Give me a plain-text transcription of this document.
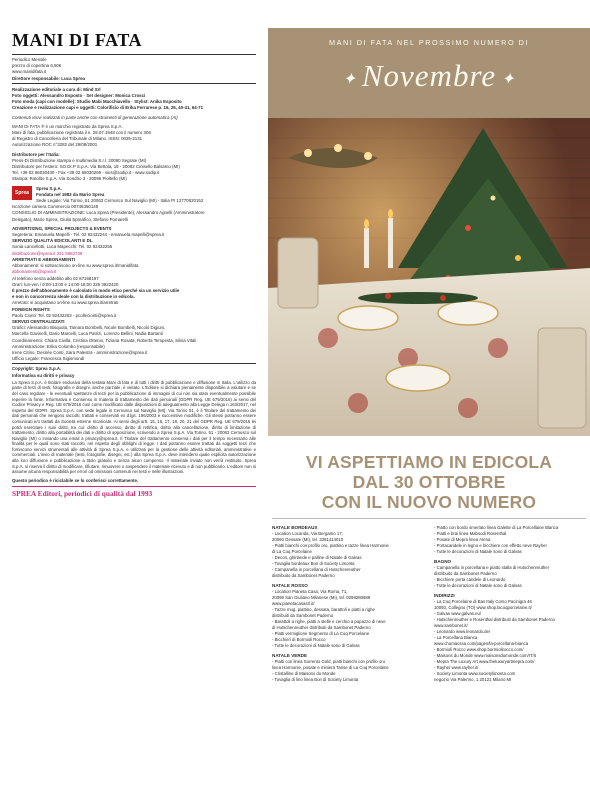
MANI DI FATA
Periodico Mensile
prezzo di copertina 6,50€
www.manidifata.it
Direttore responsabile: Luca Sprea
Realizzazione editoriale a cura di: Mind Srl
Foto oggetti: Alessandro Esposto · Set designer: Monica Crosci
Foto moda (capi con modelle): Studio Mabi Macchiavello · Stylist: Anika Esposito
Creazione e realizzazione capi e oggetti: Colorificio di Erika Ferrarese p. 16, 25, 40-41, 64-71
Contenuti visivi realizzati in parte anche con strumenti di generazione automatica (AI)
MANI DI FATA ® è un marchio registrato da Sprea S.p.A.
Mani di fata, pubblicazione registrata il n. 28.07.1948 con il numero 306
al Registro di Cancelleria del Tribunale di Milano. ISSN: 0025-2131
Autorizzazione ROC n°3282 del 29/08/2001
Distributore per l'Italia:
Press-Di Distribuzione stampa e multimedia S.r.l. 20090 Segrate (MI)
Distributore per l'estero: SO.DI.P S.p.A. Via Bettola, 18 - 20092 Cinisello Balsamo (MI)
Tel. +39 02 66030400 - Fax +39 02 66030269 - sies@sodip.it - www.sodip.it
Stampa: Rotolito S.p.A. Via Sondrio 3 - 20096 Pioltello (MI)
Sprea
Sprea S.p.A.
Fondata nel 1983 da Mario Sprea
Sede Legale: Via Torino, 51 20063 Cernusco Sul Naviglio (MI) - Italia PI 12770820152
Iscrizione camera Commercio 00746350149
CONSIGLIO DI AMMINISTRAZIONE: Luca Sprea (Presidente), Alessandro Agnelli (Amministratore
Delegato), Mario Sprea, Giulia Spreafico, Stefano Pomarelli
ADVERTISING, SPECIAL PROJECTS & EVENTS
Segreteria: Emanuela Mapelli - Tel. 02 92432244 - emanuela.mapelli@sprea.it
SERVIZIO QUALITÀ EDICOLANTI E DL
Sonia Lancellotti, Luca Mapecchi: Tel. 02 92432255
distribuzione@sprea.it 331 5882739
ARRETRATI E ABBONAMENTI
Abbonamenti: si sottoscrivono on-line su www.sprea.it/manidifata
abbonamenti@sprea.it
Al telefono senza addebito allo 02 87168197
Orari: lun-ven / 9:00-13:00 e 14:00-18:00 329 3922420
Il prezzo dell'abbonamento è calcolato in modo etico perché sia un servizio utile
e non in concorrenza sleale con la distribuzione in edicola.
Arretrati: si acquistano on-line su www.sprea.it/arretrati
FOREIGN RIGHTS
Paolo Cionti: Tel. 02 92432253 - pcollecionti@sprea.it
SERVIZI CENTRALIZZATI
Grafici: Alessandro Bisquola, Tamara Bombelli, Nicole Bombelli, Nicolò Digiuni,
Marcella Gavinelli, Dario Marcelli, Luca Patrizi, Lorenzo Bellini, Nadia Bartanti
Coordinamento: Chiara Civilla, Cristina Ottenio, Tiziana Rosata, Roberta Tempesta, Silvia Vitali
Amministrazione: Erika Colombo (responsabile)
Irene Citino, Desirée Conti, Sara Palestra - amministrazione@sprea.it
Ufficio Legale: Francesca Sigismondi
Copyright: Sprea S.p.A.
Informativa su diritti e privacy
La Sprea S.p.A. è titolare esclusiva della testata Mani di fata e di tutti i diritti di pubblicazione e diffusione in Italia. L'utilizzo da parte di terzi di testi, fotografie e disegni, anche parziale, è vietato. L'Editore si dichiara pienamente disponibile a valutare e se del caso regolare - le eventuali spettanze di terzi per la pubblicazione di immagini di cui non sia stato eventualmente possibile reperire la fonte. Informativa e Consenso in materia di trattamento dei dati personali (GDPR Reg. UE 679/2016) ai sensi del Codice Privacy e Reg. UE 679/2016 così come modificato dalle disposizioni di adeguamento alla Legge Delega n.163/2017, nel rispetto del GDPR. Sprea S.p.A. con sede legale in Cernusco sul Naviglio (MI), Via Torino 51, è il Titolare del trattamento dei dati personali che vengono raccolti, trattati e conservati ex d.lgs. 196/2003 e successive modifiche. Gli stessi potranno essere comunicati e/o trattati da Società esterne Incaricate. Ai sensi degli artt. 15, 16, 17, 18, 20, 21 del GDPR Reg. UE 679/2016 lei potrà esercitare i suoi diritti, tra cui: diritto di accesso, diritto di rettifica, diritto alla cancellazione, diritto di limitazione di trattamento, diritto alla portabilità dei dati e diritto di opposizione, scrivendo a Sprea S.p.A. Via Torino, 51 - 20063 Cernusco sul Naviglio (MI) o inviando una email a privacy@sprea.it. Il Titolare del trattamento conserva i dati per il tempo necessario alle finalità per le quali sono stati raccolti, nel rispetto degli obblighi di legge. I dati potranno essere trattati da soggetti terzi che forniscono servizi strumentali alle attività di Sprea S.p.A. e utilizzati per la gestione delle attività editoriali, amministrative e commerciali. L'invio di materiale (testi, fotografie, disegni, etc.) alla Sprea S.p.A. deve intendersi quale esplicita autorizzazione alla loro diffusione e pubblicazione a titolo gratuito e senza alcun compenso. Il materiale inviato non verrà restituito. Sprea S.p.A. si riserva il diritto di modificare, rifiutare, rimuovere o sospendere il materiale ricevuto e di non pubblicarlo. L'editore non si assume alcuna responsabilità per errori od omissioni contenuti nei testi e nelle illustrazioni.
Questo periodico è riciclabile se lo conferisci correttamente.
SPREA Editori, periodici di qualità dal 1993
MANI DI FATA NEL PROSSIMO NUMERO DI
✦ Novembre ✦
VI ASPETTIAMO IN EDICOLA
DAL 30 OTTOBRE
CON IL NUOVO NUMERO
NATALE BORDEAUX
- Location Locanda, Via Bergamo 17,
20060 Gessate (MI), tel. 3381414010
- Piatti bianchi con profilo oro, piattino e tazze linea Harmonie
di La Coq Porcelaine
- Decori, ghirlande e palline di Natale di Galvas
- Tovaglia bordeaux Bon di Society Limonta
- Campanella in porcellana di Hutschenreuther
distribuito da Sambonet Paderno
NATALE ROSSO
- Location Pianeta Casa, Via Roma, 71,
20098 San Giuliano Milanese (MI), tel. 0298280689
www.pianetacasasrl.it/
- Tazze mug, piattino, dessata, barattoli e piatti a righe
distribuiti da Sambonet Paderno
- Barattoli a righe, piatti a stelle e cerchio a pupazzo di neve
di Hutschenreuther distribuiti da Sambonet Paderno
- Piatti vermiglione Segmento di La Coq Porcelaine
- Bicchieri di Bormioli Rocco
- Tutte le decorazioni di Natale sono di Galvas
NATALE VERDE
- Piatti con linea Sorrento Gold, piatti bianchi con profilo oro
linea Harmonie, posate e miniera Tanse di La Coq Porcelaine
- Cristalline di Maisons du Monde
- Tovaglia di lino linea Bon di Society Limonta
- Piatto con bordo smerlato linea Galette di La Porcellaine Blanca
- Piatti e brai linea Mabsodi Rosenthal
- Posate di Mepra linea Atena
- Portacandele in legno e bicchiere con effetto neve Rayher
- Tutte le decorazioni di Natale sono di Galvas
BAGNO
- Campanella in porcellana e piatto stalla di Hutschenreuther
distribuito da Sambonet Paderno
- Bicchiere porta candele di Leonardo
- Tutte le decorazioni di Natale sono di Galvas
INDIRIZZI
- La Coq Porcelaine di Bas Italy Corso Pacinigra 46
10093, Collegno (TO) www.shop.lacoqporcelaine.it/
- Galvas www.galvas.eu/
- Hutschenreuther e Rosenthal distribuiti da Sambonet Paderno
www.sambonet.it/
- Leonardo www.leonardo.de/
- La Porcellana Bianca
www.chumacssa.com/pages/la-porcellana-bianca
- Bormioli Rocco www.shop.bormiolirocco.com/
- Maisons du Monde www.maisonsdumonde.com/IT/it
- Mepra The Luxury Art www.theluxuryartmepra.com/
- Rayher www.rayher.it/
- Society Limonta www.societylimonta.com
negozio Via Palermo, 1 20121 Milano MI
